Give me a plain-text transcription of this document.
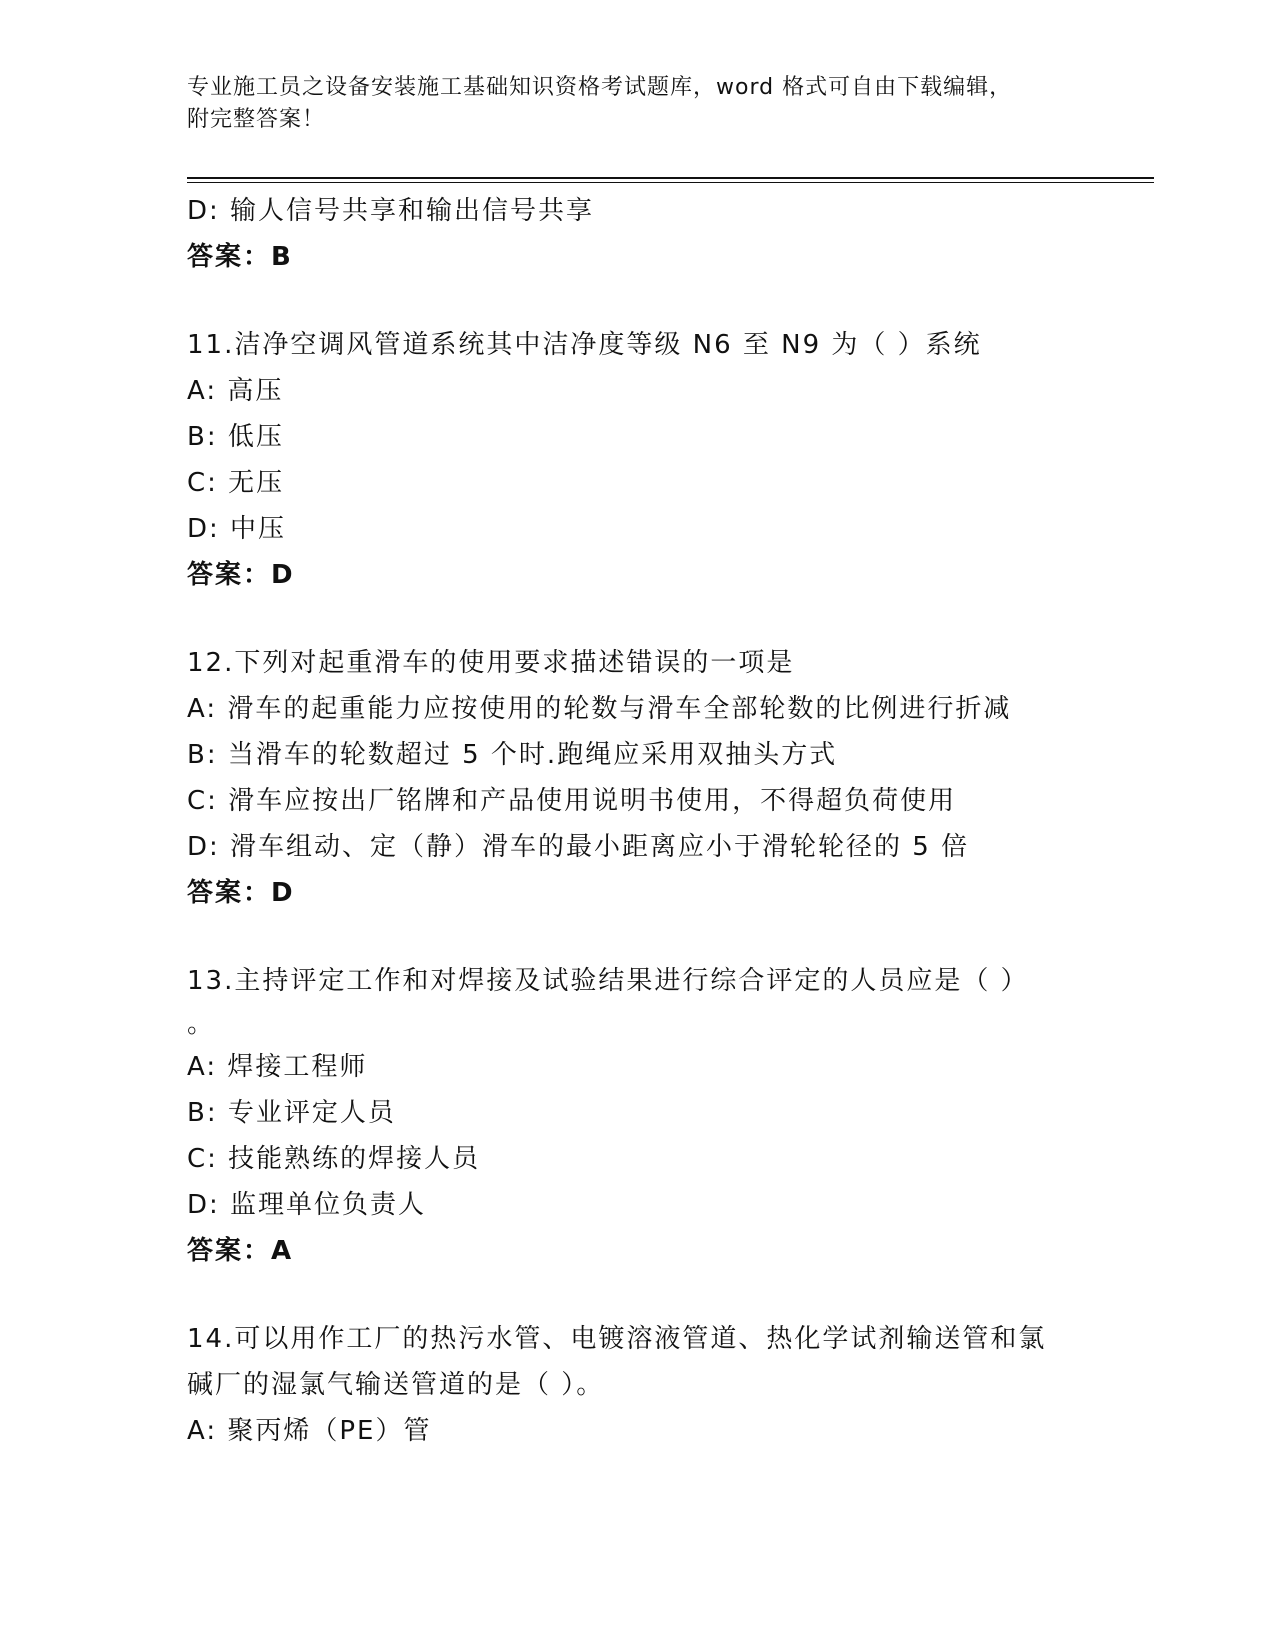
专业施工员之设备安装施工基础知识资格考试题库，word 格式可自由下载编辑，
附完整答案！
D: 输人信号共享和输出信号共享
答案：B
11.洁净空调风管道系统其中洁净度等级 N6 至 N9 为（ ）系统
A: 高压
B: 低压
C: 无压
D: 中压
答案：D
12.下列对起重滑车的使用要求描述错误的一项是
A: 滑车的起重能力应按使用的轮数与滑车全部轮数的比例进行折减
B: 当滑车的轮数超过 5 个时.跑绳应采用双抽头方式
C: 滑车应按出厂铭牌和产品使用说明书使用，不得超负荷使用
D: 滑车组动、定（静）滑车的最小距离应小于滑轮轮径的 5 倍
答案：D
13.主持评定工作和对焊接及试验结果进行综合评定的人员应是（ ）
。
A: 焊接工程师
B: 专业评定人员
C: 技能熟练的焊接人员
D: 监理单位负责人
答案：A
14.可以用作工厂的热污水管、电镀溶液管道、热化学试剂输送管和氯
碱厂的湿氯气输送管道的是（ ）。
A: 聚丙烯（PE）管
